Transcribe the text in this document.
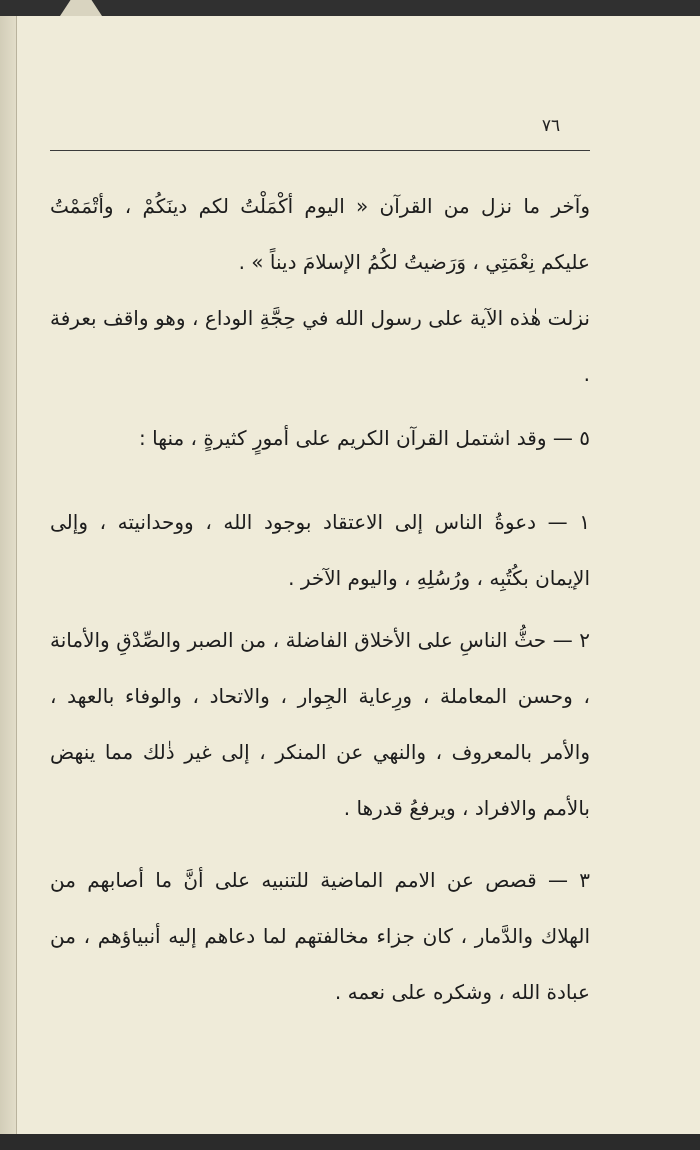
٧٦

وآخر ما نزل من القرآن « اليوم أكْمَلْتُ لكم دينَكُمْ ، وأتْمَمْتُ عليكم نِعْمَتِي ، وَرَضيتُ لكُمُ الإسلامَ ديناً » .

نزلت هٰذه الآية على رسول الله في حِجَّةِ الوداع ، وهو واقف بعرفة .

٥ — وقد اشتمل القرآن الكريم على أمورٍ كثيرةٍ ، منها :

١ — دعوةُ الناس إلى الاعتقاد بوجود الله ، ووحدانيته ، وإلى الإيمان بكُتُبِه ، ورُسُلِهِ ، واليوم الآخر .

٢ — حثُّ الناسِ على الأخلاق الفاضلة ، من الصبر والصِّدْقِ والأمانة ، وحسن المعاملة ، ورِعاية الجِوار ، والاتحاد ، والوفاء بالعهد ، والأمر بالمعروف ، والنهي عن المنكر ، إلى غير ذٰلك مما ينهض بالأمم والافراد ، ويرفعُ قدرها .

٣ — قصص عن الامم الماضية للتنبيه على أنَّ ما أصابهم من الهلاك والدَّمار ، كان جزاء مخالفتهم لما دعاهم إليه أنبياؤهم ، من عبادة الله ، وشكره على نعمه .
